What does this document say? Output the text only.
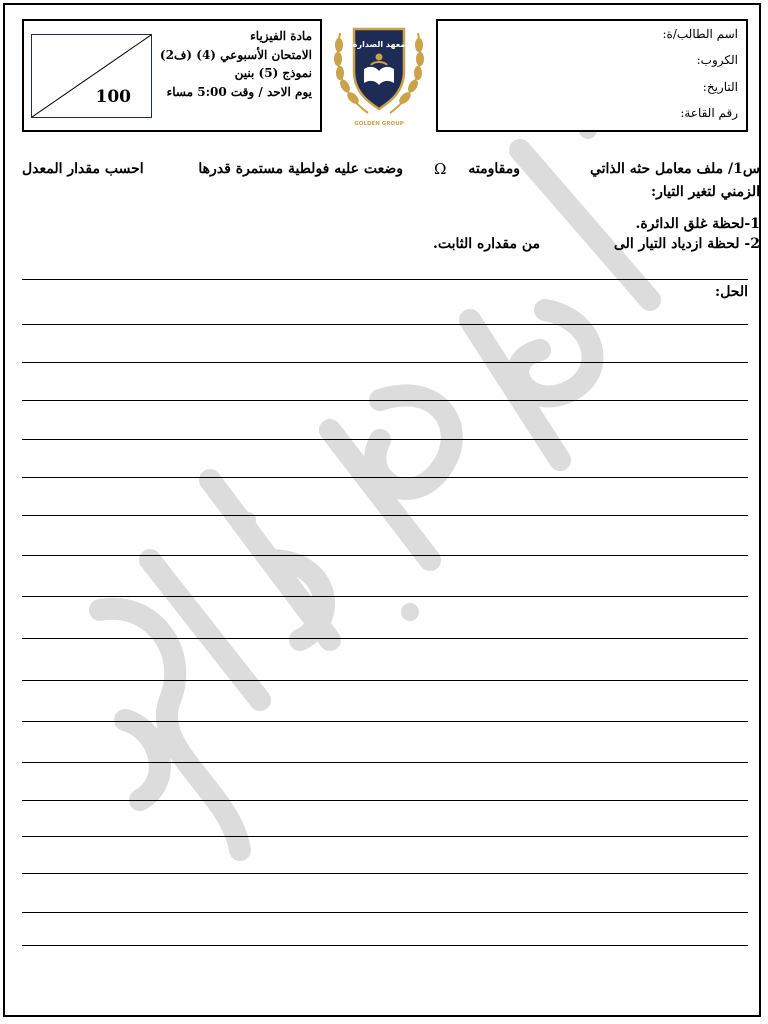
اسم الطالب/ة:
الكروب:
التاريخ:
رقم القاعة:
معهد الصدارة
GOLDEN GROUP
100
مادة الفيزياء
الامتحان الأسبوعي (4) (ف2)
نموذج (5) بنين
يوم الاحد / وقت 5:00 مساء
س1/ ملف معامل حثه الذاتي
ومقاومته
Ω
وضعت عليه فولطية مستمرة قدرها
احسب مقدار المعدل
الزمني لتغير التيار:
1-لحظة غلق الدائرة.
2- لحظة ازدياد التيار الى
من مقداره الثابت.
الحل:
